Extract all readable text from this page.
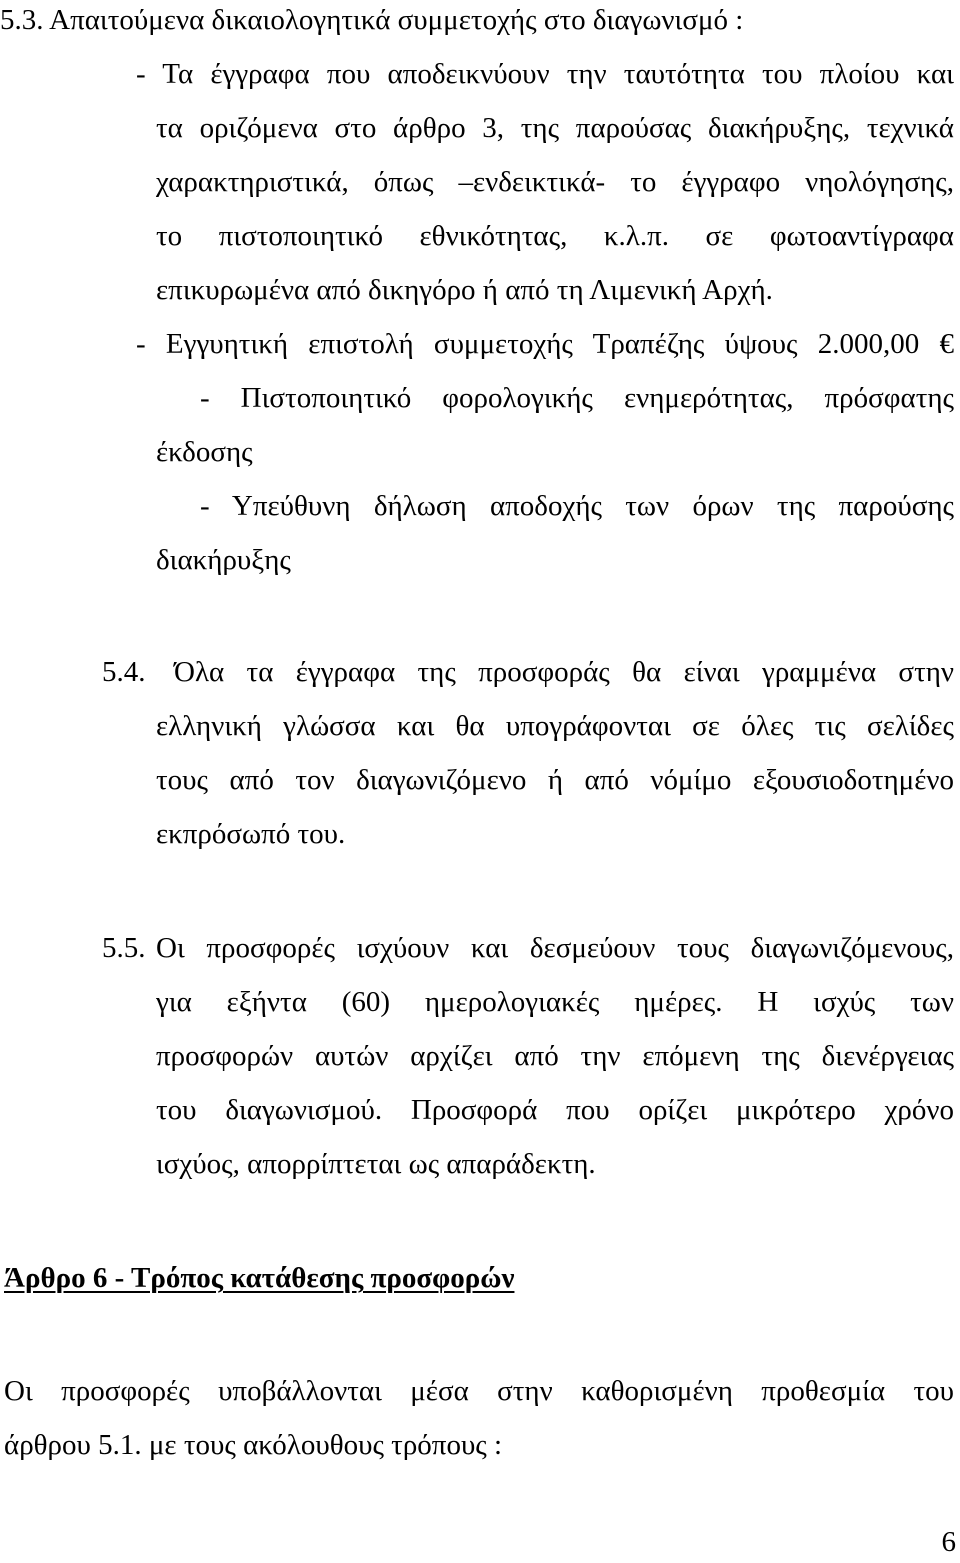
5.3. Απαιτούμενα δικαιολογητικά συμμετοχής στο διαγωνισμό :
- Τα έγγραφα που αποδεικνύουν την ταυτότητα του πλοίου και
τα οριζόμενα στο άρθρο 3, της παρούσας διακήρυξης, τεχνικά
χαρακτηριστικά, όπως –ενδεικτικά- το έγγραφο νηολόγησης,
το πιστοποιητικό εθνικότητας, κ.λ.π. σε φωτοαντίγραφα
επικυρωμένα από δικηγόρο ή από τη Λιμενική Αρχή.
- Εγγυητική επιστολή συμμετοχής Τραπέζης ύψους 2.000,00 €
- Πιστοποιητικό φορολογικής ενημερότητας, πρόσφατης
έκδοσης
- Υπεύθυνη δήλωση αποδοχής των όρων της παρούσης
διακήρυξης
5.4. Όλα τα έγγραφα της προσφοράς θα είναι γραμμένα στην
ελληνική γλώσσα και θα υπογράφονται σε όλες τις σελίδες
τους από τον διαγωνιζόμενο ή από νόμίμο εξουσιοδοτημένο
εκπρόσωπό του.
5.5. Οι προσφορές ισχύουν και δεσμεύουν τους διαγωνιζόμενους,
για εξήντα (60) ημερολογιακές ημέρες. Η ισχύς των
προσφορών αυτών αρχίζει από την επόμενη της διενέργειας
του διαγωνισμού. Προσφορά που ορίζει μικρότερο χρόνο
ισχύος, απορρίπτεται ως απαράδεκτη.
Άρθρο 6 - Τρόπος κατάθεσης προσφορών
Οι προσφορές υποβάλλονται μέσα στην καθορισμένη προθεσμία του
άρθρου 5.1. με τους ακόλουθους τρόπους :
6
